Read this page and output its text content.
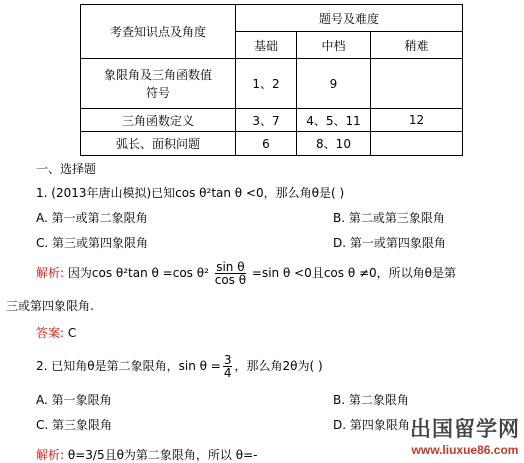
考查知识点及角度	题号及难度		
	基础	中档	稍难

象限角及三角函数值
符号	1、2	9	
三角函数定义	3、7	4、5、11	12
弧长、面积问题	6	8、10	
一、选择题
1. (2013年唐山模拟)已知cos θ²tan θ <0，那么角θ是( )
A. 第一或第二象限角	B. 第二或第三象限角
C. 第三或第四象限角	D. 第一或第四象限角
解析: 因为cos θ²tan θ =cos $\theta^2 \frac{\text{sin θ}}{\text{cos θ}} =\sin$ θ <0且cos θ ≠0，所以角θ是第
三或第四象限角.
答案: C
2. 已知角θ是第二象限角，$\sin \theta = \frac{3}{4}$ ，那么角2θ为( )
A. 第一象限角	B. 第二象限角
C. 第三象限角	D. 第四象限角
解析: θ=3/5且θ为第二象限角，所以 θ=-
出国留学网
www.liuxue86.com
